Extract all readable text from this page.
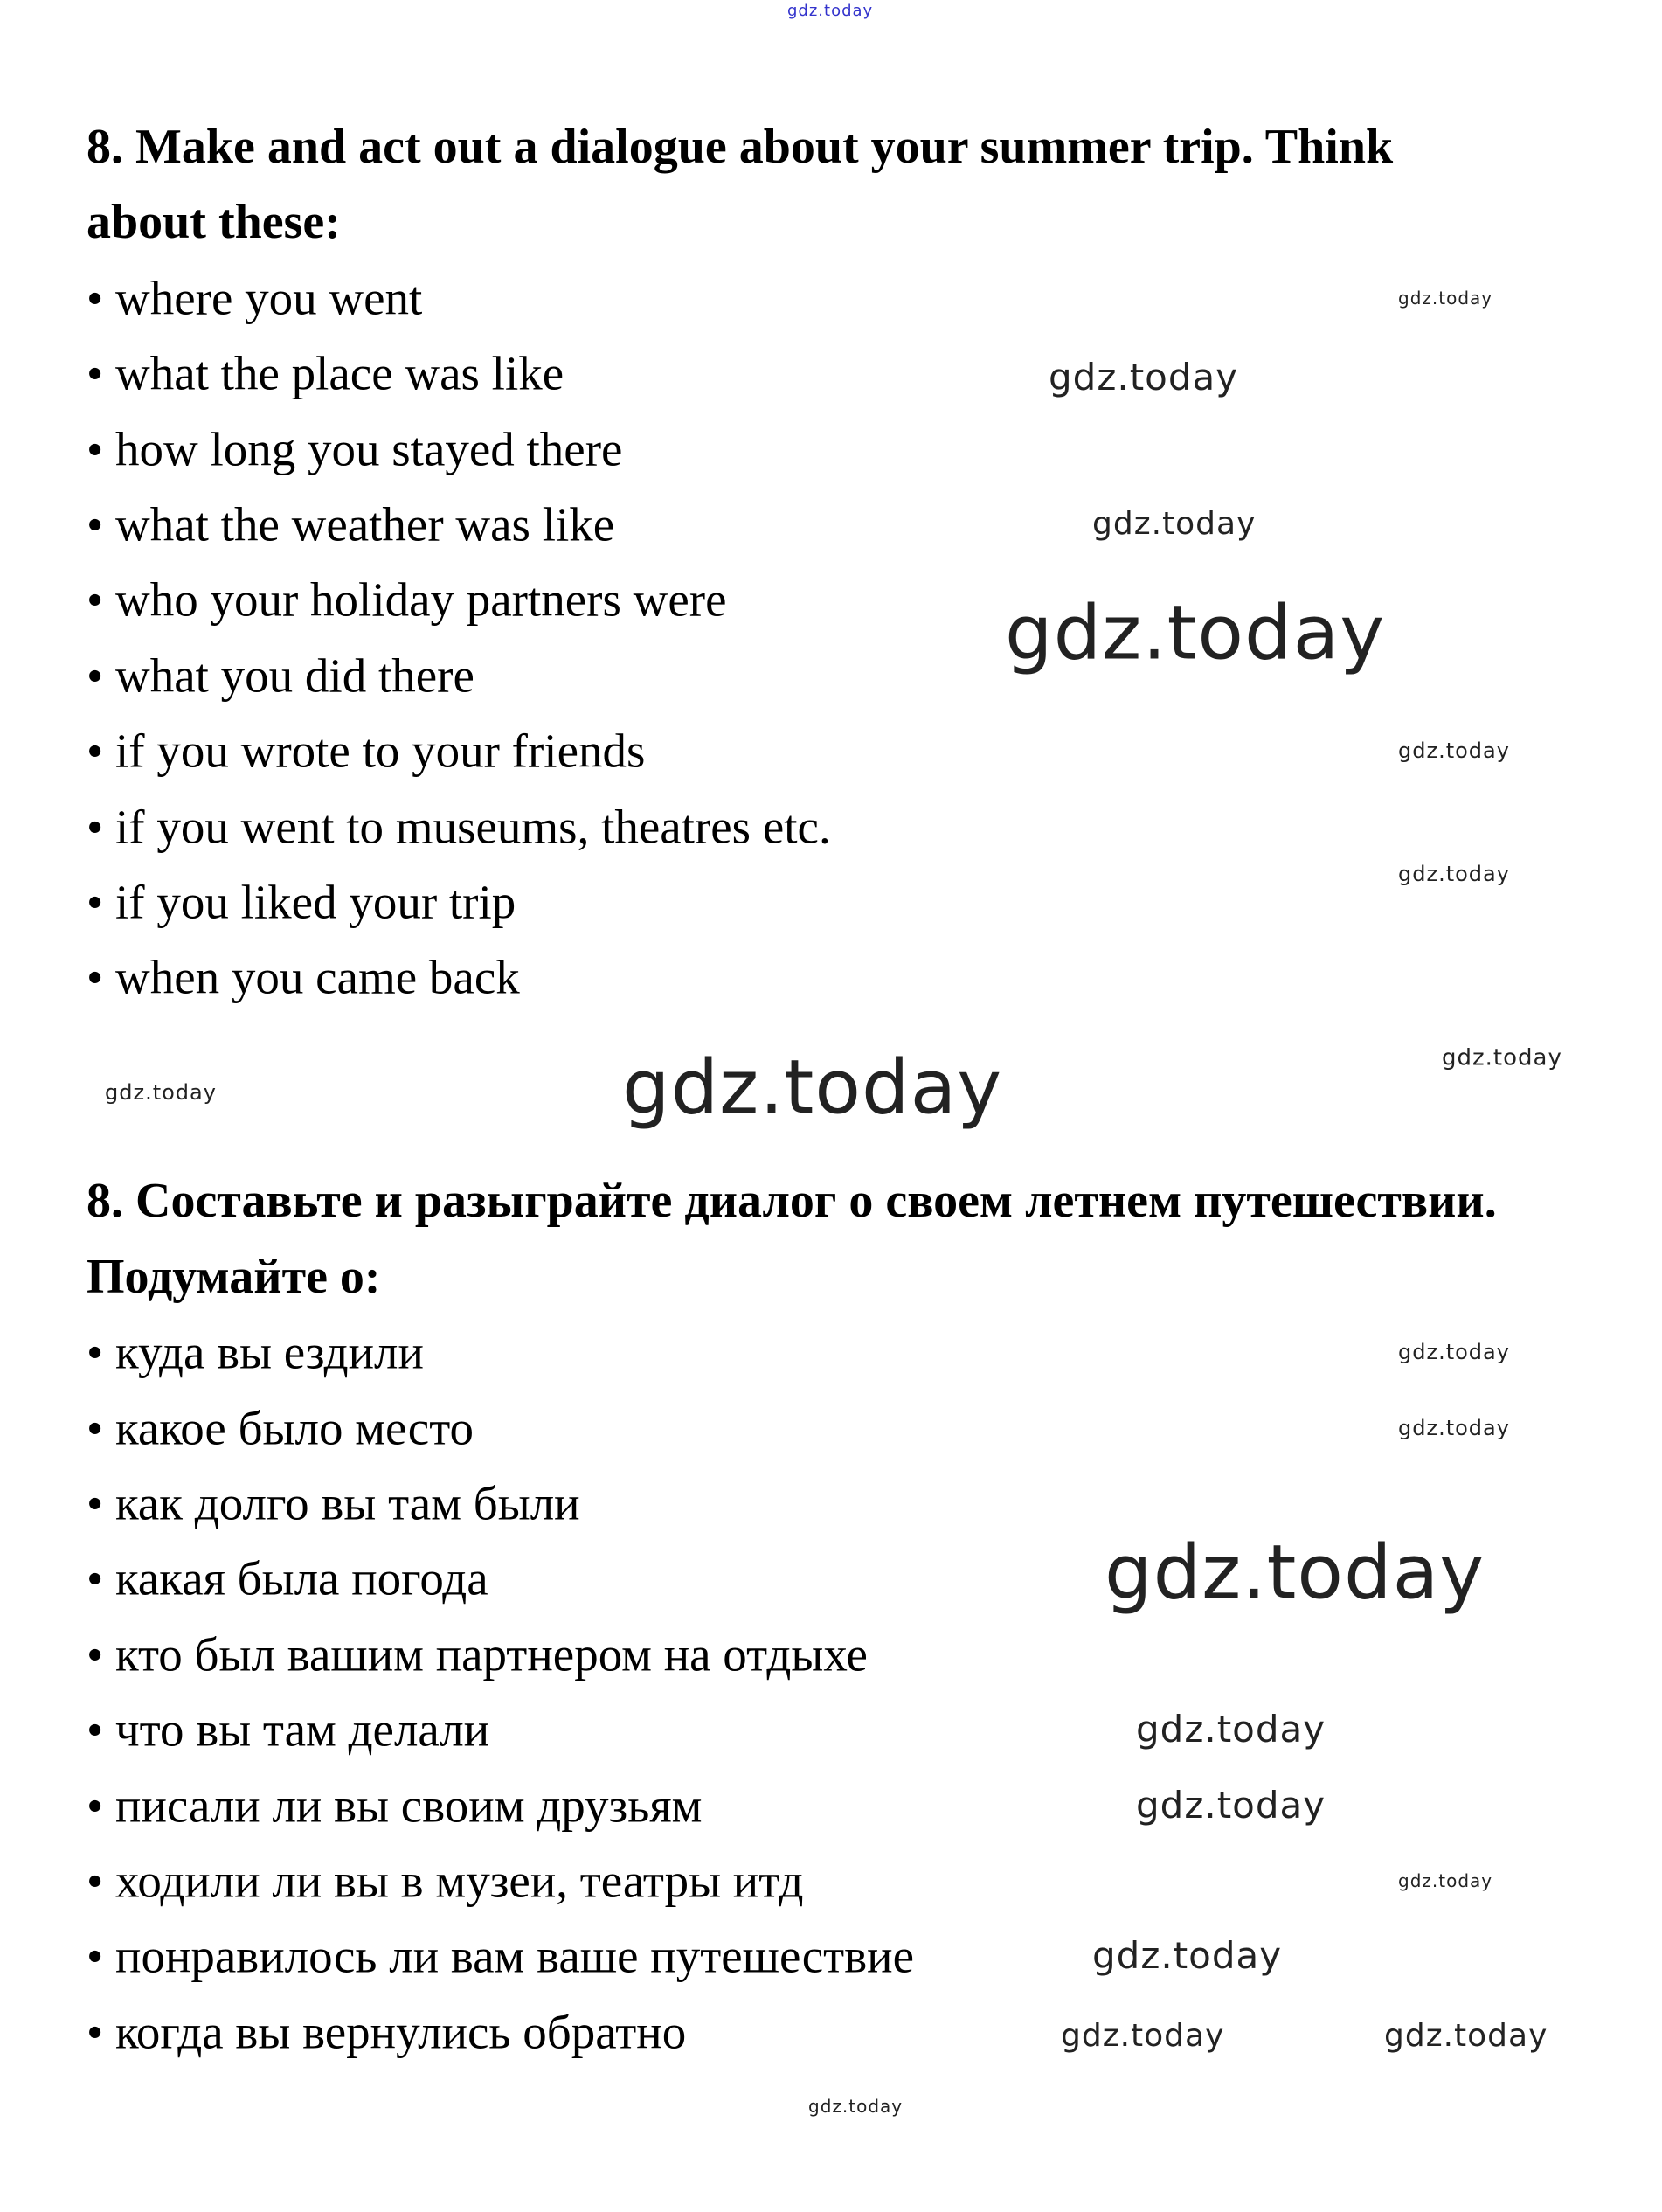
8. Make and act out a dialogue about your summer trip. Think
about these:
• where you went
• what the place was like
• how long you stayed there
• what the weather was like
• who your holiday partners were
• what you did there
• if you wrote to your friends
• if you went to museums, theatres etc.
• if you liked your trip
• when you came back
8. Составьте и разыграйте диалог о своем летнем путешествии.
Подумайте о:
• куда вы ездили
• какое было место
• как долго вы там были
• какая была погода
• кто был вашим партнером на отдыхе
• что вы там делали
• писали ли вы своим друзьям
• ходили ли вы в музеи, театры итд
• понравилось ли вам ваше путешествие
• когда вы вернулись обратно
gdz.today
gdz.today
gdz.today
gdz.today
gdz.today
gdz.today
gdz.today
gdz.today	gdz.today
gdz.today
gdz.today
gdz.today
gdz.today
gdz.today
gdz.today
gdz.today
gdz.today
gdz.today
gdz.today	gdz.today
